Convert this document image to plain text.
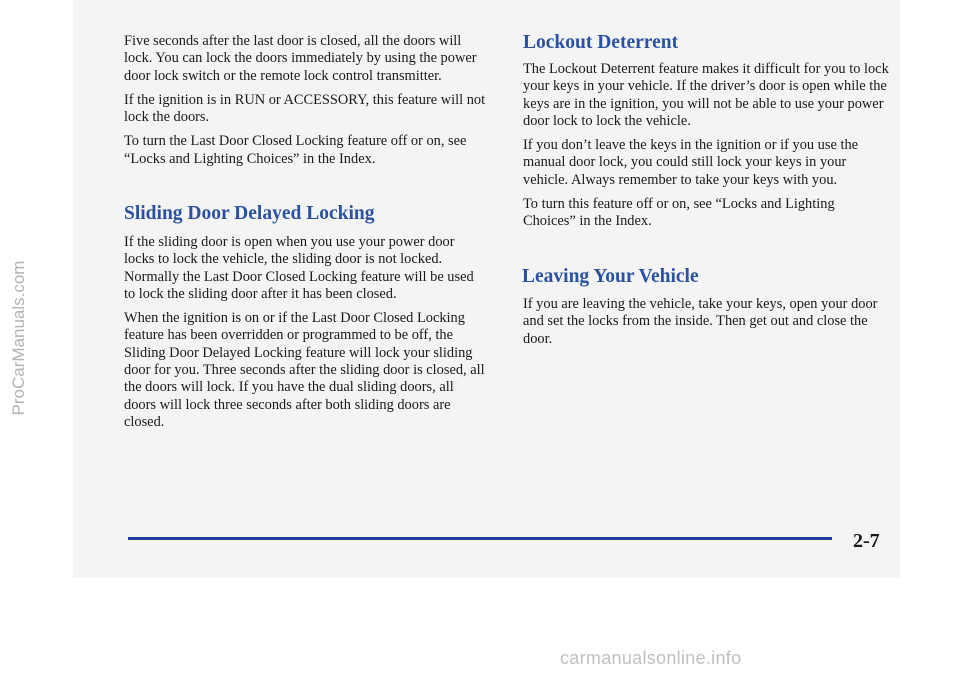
ProCarManuals.com

Five seconds after the last door is closed, all the doors will lock. You can lock the doors immediately by using the power door lock switch or the remote lock control transmitter.

If the ignition is in RUN or ACCESSORY, this feature will not lock the doors.

To turn the Last Door Closed Locking feature off or on, see “Locks and Lighting Choices” in the Index.

Sliding Door Delayed Locking

If the sliding door is open when you use your power door locks to lock the vehicle, the sliding door is not locked. Normally the Last Door Closed Locking feature will be used to lock the sliding door after it has been closed.

When the ignition is on or if the Last Door Closed Locking feature has been overridden or programmed to be off, the Sliding Door Delayed Locking feature will lock your sliding door for you. Three seconds after the sliding door is closed, all the doors will lock. If you have the dual sliding doors, all doors will lock three seconds after both sliding doors are closed.

Lockout Deterrent

The Lockout Deterrent feature makes it difficult for you to lock your keys in your vehicle. If the driver’s door is open while the keys are in the ignition, you will not be able to use your power door lock to lock the vehicle.

If you don’t leave the keys in the ignition or if you use the manual door lock, you could still lock your keys in your vehicle. Always remember to take your keys with you.

To turn this feature off or on, see “Locks and Lighting Choices” in the Index.

Leaving Your Vehicle

If you are leaving the vehicle, take your keys, open your door and set the locks from the inside. Then get out and close the door.

2-7
carmanualsonline.info
